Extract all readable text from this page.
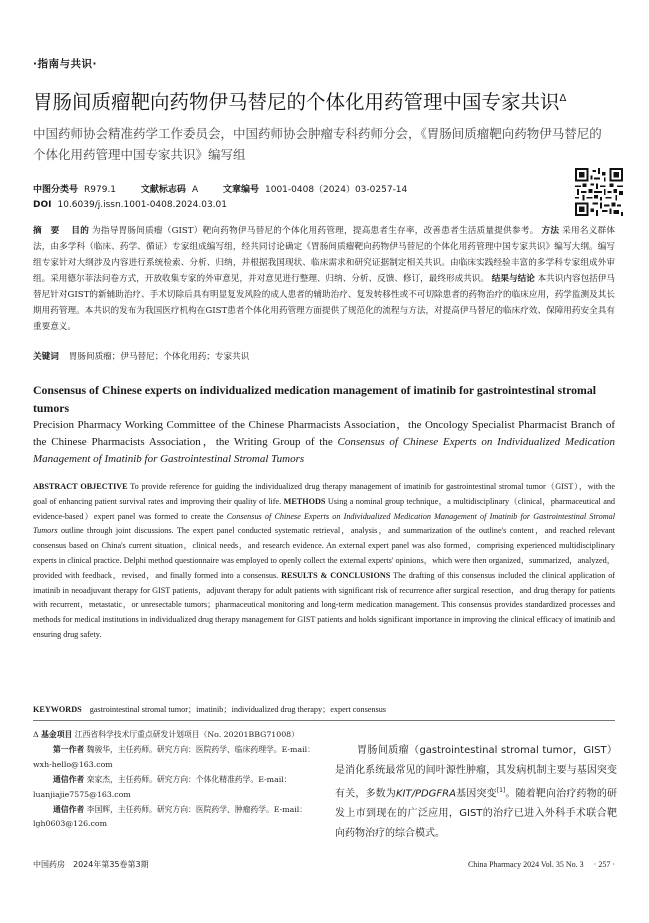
·指南与共识·
胃肠间质瘤靶向药物伊马替尼的个体化用药管理中国专家共识$^\Delta$
中国药师协会精准药学工作委员会，中国药师协会肿瘤专科药师分会，《胃肠间质瘤靶向药物伊马替尼的个体化用药管理中国专家共识》编写组
中图分类号 R979.1	文献标志码 A	文章编号 1001-0408（2024）03-0257-14
DOI 10.6039/j.issn.1001-0408.2024.03.01
摘　要　 目的 为指导胃肠间质瘤（GIST）靶向药物伊马替尼的个体化用药管理，提高患者生存率，改善患者生活质量提供参考。 方法 采用名义群体法，由多学科（临床、药学、循证）专家组成编写组，经共同讨论确定《胃肠间质瘤靶向药物伊马替尼的个体化用药管理中国专家共识》编写大纲。编写组专家针对大纲涉及内容进行系统检索、分析、归纳，并根据我国现状、临床需求和研究证据制定相关共识。由临床实践经验丰富的多学科专家组成外审组。采用德尔菲法问卷方式，开放收集专家的外审意见，并对意见进行整理、归纳、分析、反馈、修订，最终形成共识。 结果与结论 本共识内容包括伊马替尼针对GIST的新辅助治疗、手术切除后具有明显复发风险的成人患者的辅助治疗、复发转移性或不可切除患者的药物治疗的临床应用，药学监测及其长期用药管理。本共识的发布为我国医疗机构在GIST患者个体化用药管理方面提供了规范化的流程与方法，对提高伊马替尼的临床疗效、保障用药安全具有重要意义。
关键词 胃肠间质瘤；伊马替尼；个体化用药；专家共识
Consensus of Chinese experts on individualized medication management of imatinib for gastrointestinal stromal tumors
Precision Pharmacy Working Committee of the Chinese Pharmacists Association，the Oncology Specialist Pharmacist Branch of the Chinese Pharmacists Association，the Writing Group of the Consensus of Chinese Experts on Individualized Medication Management of Imatinib for Gastrointestinal Stromal Tumors
ABSTRACT OBJECTIVE To provide reference for guiding the individualized drug therapy management of imatinib for gastrointestinal stromal tumor（GIST），with the goal of enhancing patient survival rates and improving their quality of life. METHODS Using a nominal group technique，a multidisciplinary（clinical，pharmaceutical and evidence-based）expert panel was formed to create the Consensus of Chinese Experts on Individualized Medication Management of Imatinib for Gastrointestinal Stromal Tumors outline through joint discussions. The expert panel conducted systematic retrieval，analysis，and summarization of the outline's content，and reached relevant consensus based on China's current situation，clinical needs，and research evidence. An external expert panel was also formed，comprising experienced multidisciplinary experts in clinical practice. Delphi method questionnaire was employed to openly collect the external experts' opinions，which were then organized，summarized，analyzed，provided with feedback，revised，and finally formed into a consensus. RESULTS & CONCLUSIONS The drafting of this consensus included the clinical application of imatinib in neoadjuvant therapy for GIST patients，adjuvant therapy for adult patients with significant risk of recurrence after surgical resection，and drug therapy for patients with recurrent，metastatic，or unresectable tumors；pharmaceutical monitoring and long-term medication management. This consensus provides standardized processes and methods for medical institutions in individualized drug therapy management for GIST patients and holds significant importance in improving the clinical efficacy of imatinib and ensuring drug safety.
KEYWORDS gastrointestinal stromal tumor；imatinib；individualized drug therapy；expert consensus
Δ 基金项目 江西省科学技术厅重点研发计划项目（No. 20201BBG71008）
第一作者 魏骏华，主任药师。研究方向：医院药学、临床药理学。E-mail：wxh-hello@163.com
通信作者 栾家杰，主任药师。研究方向：个体化精准药学。E-mail：luanjiajie7575@163.com
通信作者 李国辉，主任药师。研究方向：医院药学、肿瘤药学。E-mail：lgh0603@126.com
胃肠间质瘤（gastrointestinal stromal tumor，GIST）是消化系统最常见的间叶源性肿瘤，其发病机制主要与基因突变有关，多数为KIT/PDGFRA基因突变[1]。随着靶向治疗药物的研发上市到现在的广泛应用，GIST的治疗已进入外科手术联合靶向药物治疗的综合模式。
中国药房　2024年第35卷第3期	China Pharmacy 2024 Vol. 35 No. 3　 · 257 ·
